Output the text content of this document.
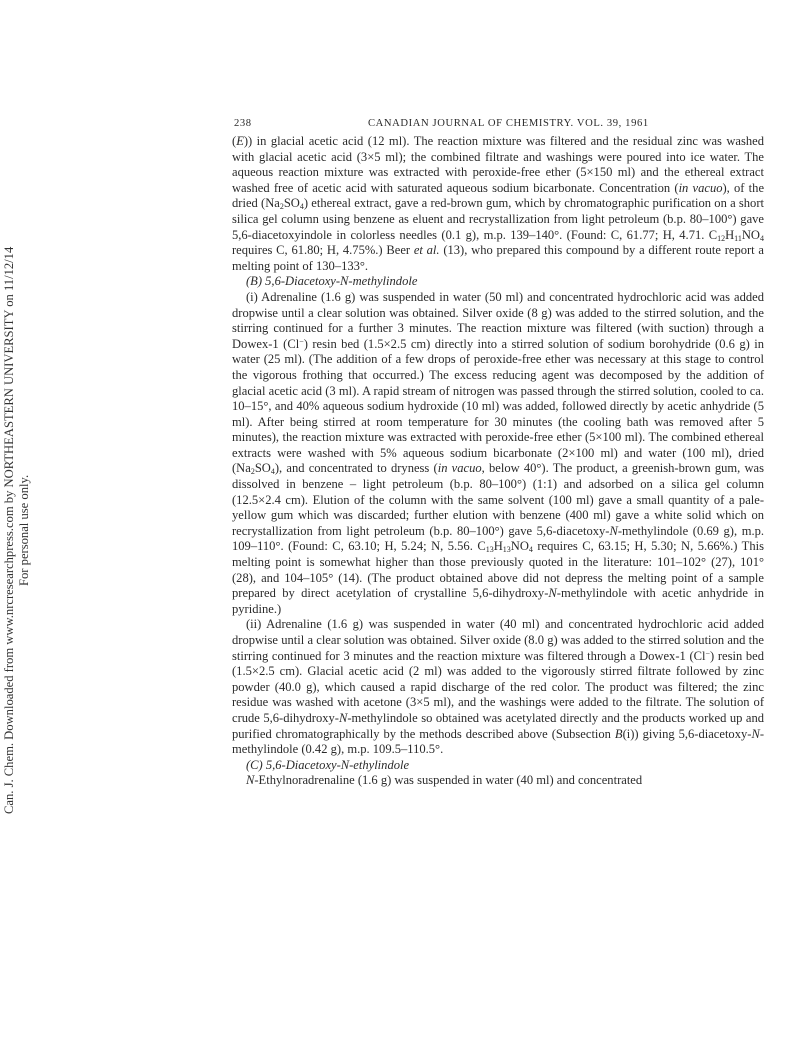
Can. J. Chem. Downloaded from www.nrcresearchpress.com by NORTHEASTERN UNIVERSITY on 11/12/14 For personal use only.
238	CANADIAN JOURNAL OF CHEMISTRY. VOL. 39, 1961

(E)) in glacial acetic acid (12 ml). The reaction mixture was filtered and the residual zinc was washed with glacial acetic acid (3×5 ml); the combined filtrate and washings were poured into ice water. The aqueous reaction mixture was extracted with peroxide-free ether (5×150 ml) and the ethereal extract washed free of acetic acid with saturated aqueous sodium bicarbonate. Concentration (in vacuo), of the dried $(Na_2SO_4)$ ethereal extract, gave a red-brown gum, which by chromatographic purification on a short silica gel column using benzene as eluent and recrystallization from light petroleum (b.p. 80–100°) gave 5,6-diacetoxyindole in colorless needles (0.1 g), m.p. 139–140°. (Found: C, 61.77; H, 4.71. $C_{12}H_{11}NO_4$ requires C, 61.80; H, 4.75%.) Beer et al. (13), who prepared this compound by a different route report a melting point of 130–133°.

(B) 5,6-Diacetoxy-N-methylindole

(i) Adrenaline (1.6 g) was suspended in water (50 ml) and concentrated hydrochloric acid was added dropwise until a clear solution was obtained. Silver oxide (8 g) was added to the stirred solution, and the stirring continued for a further 3 minutes. The reaction mixture was filtered (with suction) through a Dowex-1 (Cl−) resin bed (1.5×2.5 cm) directly into a stirred solution of sodium borohydride (0.6 g) in water (25 ml). (The addition of a few drops of peroxide-free ether was necessary at this stage to control the vigorous frothing that occurred.) The excess reducing agent was decomposed by the addition of glacial acetic acid (3 ml). A rapid stream of nitrogen was passed through the stirred solution, cooled to ca. 10–15°, and 40% aqueous sodium hydroxide (10 ml) was added, followed directly by acetic anhydride (5 ml). After being stirred at room temperature for 30 minutes (the cooling bath was removed after 5 minutes), the reaction mixture was extracted with peroxide-free ether (5×100 ml). The combined ethereal extracts were washed with 5% aqueous sodium bicarbonate (2×100 ml) and water (100 ml), dried $(Na_2SO_4)$, and concentrated to dryness (in vacuo, below 40°). The product, a greenish-brown gum, was dissolved in benzene – light petroleum (b.p. 80–100°) (1:1) and adsorbed on a silica gel column (12.5×2.4 cm). Elution of the column with the same solvent (100 ml) gave a small quantity of a pale-yellow gum which was discarded; further elution with benzene (400 ml) gave a white solid which on recrystallization from light petroleum (b.p. 80–100°) gave 5,6-diacetoxy-N-methylindole (0.69 g), m.p. 109–110°. (Found: C, 63.10; H, 5.24; N, 5.56. $C_{13}H_{13}NO_4$ requires C, 63.15; H, 5.30; N, 5.66%.) This melting point is somewhat higher than those previously quoted in the literature: 101–102° (27), 101° (28), and 104–105° (14). (The product obtained above did not depress the melting point of a sample prepared by direct acetylation of crystalline 5,6-dihydroxy-N-methylindole with acetic anhydride in pyridine.)

(ii) Adrenaline (1.6 g) was suspended in water (40 ml) and concentrated hydrochloric acid added dropwise until a clear solution was obtained. Silver oxide (8.0 g) was added to the stirred solution and the stirring continued for 3 minutes and the reaction mixture was filtered through a Dowex-1 (Cl−) resin bed (1.5×2.5 cm). Glacial acetic acid (2 ml) was added to the vigorously stirred filtrate followed by zinc powder (40.0 g), which caused a rapid discharge of the red color. The product was filtered; the zinc residue was washed with acetone (3×5 ml), and the washings were added to the filtrate. The solution of crude 5,6-dihydroxy-N-methylindole so obtained was acetylated directly and the products worked up and purified chromatographically by the methods described above (Subsection B(i)) giving 5,6-diacetoxy-N-methylindole (0.42 g), m.p. 109.5–110.5°.

(C) 5,6-Diacetoxy-N-ethylindole

N-Ethylnoradrenaline (1.6 g) was suspended in water (40 ml) and concentrated
